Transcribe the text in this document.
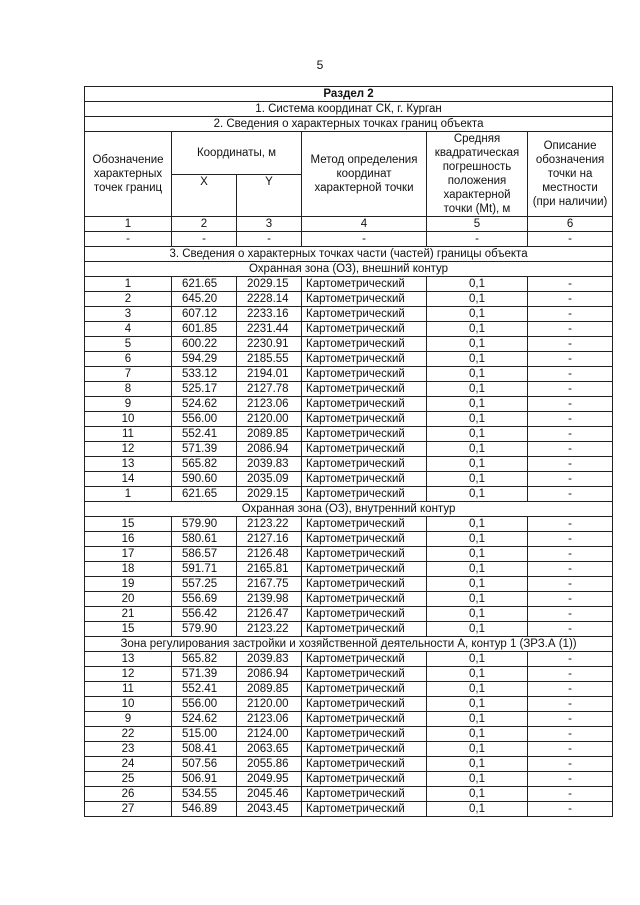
5
Раздел 2					
1. Система координат СК, г. Курган					
2. Сведения о характерных точках границ объекта					
Обозначение характерных точек границ	Координаты, м		Метод определения координат характерной точки	Средняя квадратическая погрешность положения характерной точки (Mt), м	Описание обозначения точки на местности (при наличии)
	X	Y			
1	2	3	4	5	6
-	-	-	-	-	-
3. Сведения о характерных точках части (частей) границы объекта					
Охранная зона (ОЗ), внешний контур					
1	621.65	2029.15	Картометрический	0,1	-
2	645.20	2228.14	Картометрический	0,1	-
3	607.12	2233.16	Картометрический	0,1	-
4	601.85	2231.44	Картометрический	0,1	-
5	600.22	2230.91	Картометрический	0,1	-
6	594.29	2185.55	Картометрический	0,1	-
7	533.12	2194.01	Картометрический	0,1	-
8	525.17	2127.78	Картометрический	0,1	-
9	524.62	2123.06	Картометрический	0,1	-
10	556.00	2120.00	Картометрический	0,1	-
11	552.41	2089.85	Картометрический	0,1	-
12	571.39	2086.94	Картометрический	0,1	-
13	565.82	2039.83	Картометрический	0,1	-
14	590.60	2035.09	Картометрический	0,1	-
1	621.65	2029.15	Картометрический	0,1	-
Охранная зона (ОЗ), внутренний контур					
15	579.90	2123.22	Картометрический	0,1	-
16	580.61	2127.16	Картометрический	0,1	-
17	586.57	2126.48	Картометрический	0,1	-
18	591.71	2165.81	Картометрический	0,1	-
19	557.25	2167.75	Картометрический	0,1	-
20	556.69	2139.98	Картометрический	0,1	-
21	556.42	2126.47	Картометрический	0,1	-
15	579.90	2123.22	Картометрический	0,1	-
Зона регулирования застройки и хозяйственной деятельности А, контур 1 (ЗРЗ.А (1))					
13	565.82	2039.83	Картометрический	0,1	-
12	571.39	2086.94	Картометрический	0,1	-
11	552.41	2089.85	Картометрический	0,1	-
10	556.00	2120.00	Картометрический	0,1	-
9	524.62	2123.06	Картометрический	0,1	-
22	515.00	2124.00	Картометрический	0,1	-
23	508.41	2063.65	Картометрический	0,1	-
24	507.56	2055.86	Картометрический	0,1	-
25	506.91	2049.95	Картометрический	0,1	-
26	534.55	2045.46	Картометрический	0,1	-
27	546.89	2043.45	Картометрический	0,1	-
